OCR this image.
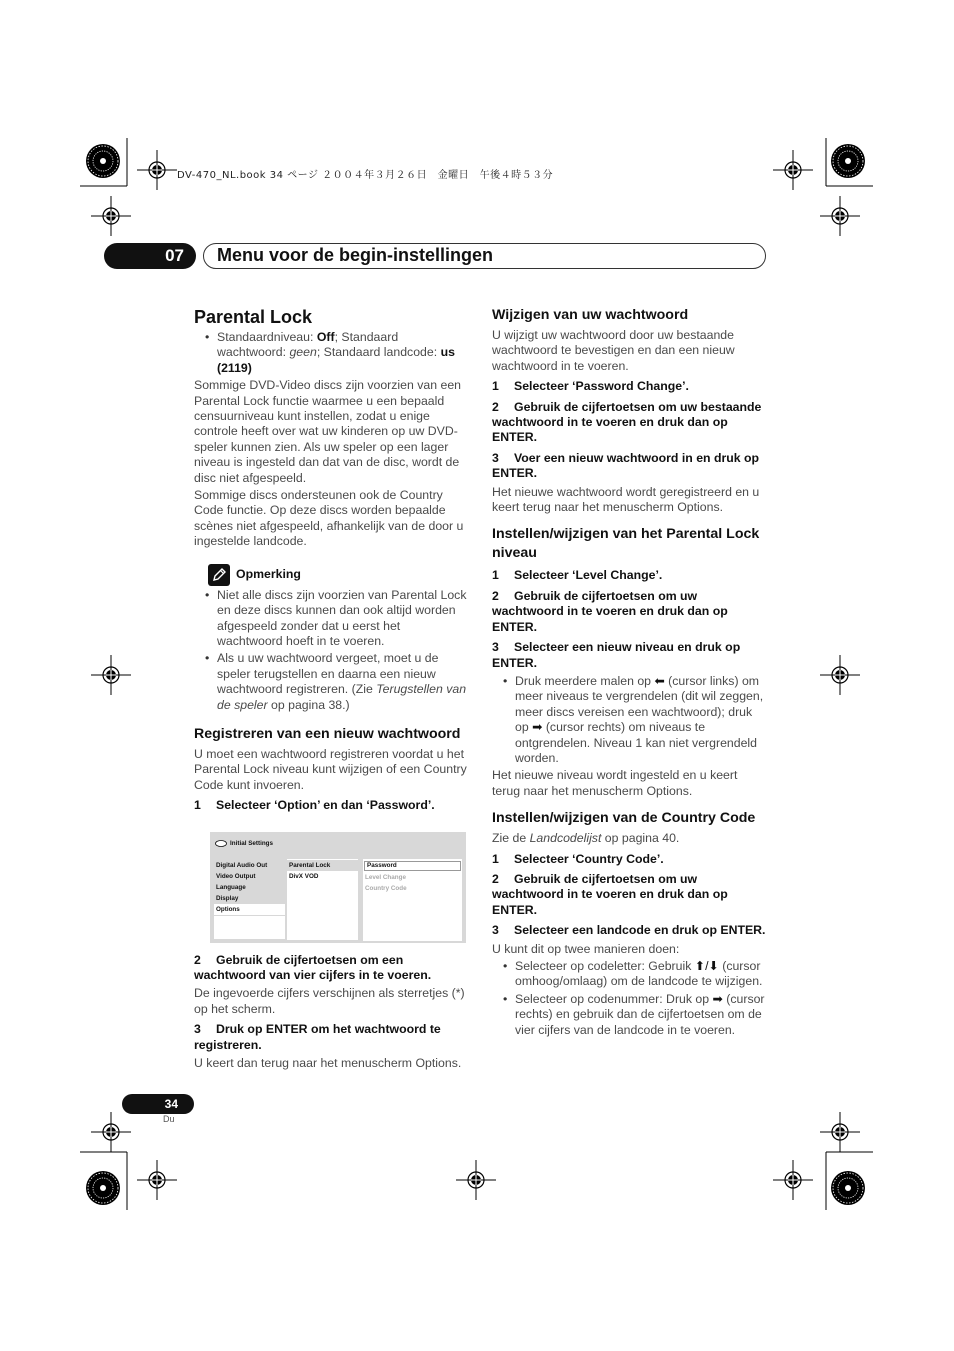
DV-470_NL.book 34 ページ ２００４年３月２６日　金曜日　午後４時５３分
07	Menu voor de begin-instellingen
Parental Lock
• Standaardniveau: Off; Standaard wachtwoord: geen; Standaard landcode: us (2119)

Sommige DVD-Video discs zijn voorzien van een Parental Lock functie waarmee u een bepaald censuurniveau kunt instellen, zodat u enige controle heeft over wat uw kinderen op uw DVD-speler kunnen zien. Als uw speler op een lager niveau is ingesteld dan dat van de disc, wordt de disc niet afgespeeld.

Sommige discs ondersteunen ook de Country Code functie. Op deze discs worden bepaalde scènes niet afgespeeld, afhankelijk van de door u ingestelde landcode.

Opmerking
• Niet alle discs zijn voorzien van Parental Lock en deze discs kunnen dan ook altijd worden afgespeeld zonder dat u eerst het wachtwoord hoeft in te voeren.
• Als u uw wachtwoord vergeet, moet u de speler terugstellen en daarna een nieuw wachtwoord registreren. (Zie Terugstellen van de speler op pagina 38.)
Registreren van een nieuw wachtwoord

U moet een wachtwoord registreren voordat u het Parental Lock niveau kunt wijzigen of een Country Code kunt invoeren.

1 Selecteer ‘Option’ en dan ‘Password’.

Initial Settings
Digital Audio Out
Video Output
Language
Display
Options
Parental Lock
DivX VOD
Password
Level Change
Country Code

2 Gebruik de cijfertoetsen om een wachtwoord van vier cijfers in te voeren.

De ingevoerde cijfers verschijnen als sterretjes (*) op het scherm.

3 Druk op ENTER om het wachtwoord te registreren.

U keert dan terug naar het menuscherm Options.

Wijzigen van uw wachtwoord

U wijzigt uw wachtwoord door uw bestaande wachtwoord te bevestigen en dan een nieuw wachtwoord in te voeren.

1 Selecteer ‘Password Change’.

2 Gebruik de cijfertoetsen om uw bestaande wachtwoord in te voeren en druk dan op ENTER.

3 Voer een nieuw wachtwoord in en druk op ENTER.

Het nieuwe wachtwoord wordt geregistreerd en u keert terug naar het menuscherm Options.

Instellen/wijzigen van het Parental Lock niveau

1 Selecteer ‘Level Change’.

2 Gebruik de cijfertoetsen om uw wachtwoord in te voeren en druk dan op ENTER.

3 Selecteer een nieuw niveau en druk op ENTER.

• Druk meerdere malen op ⬅ (cursor links) om meer niveaus te vergrendelen (dit wil zeggen, meer discs vereisen een wachtwoord); druk op ➡ (cursor rechts) om niveaus te ontgrendelen. Niveau 1 kan niet vergrendeld worden.

Het nieuwe niveau wordt ingesteld en u keert terug naar het menuscherm Options.

Instellen/wijzigen van de Country Code

Zie de Landcodelijst op pagina 40.

1 Selecteer ‘Country Code’.

2 Gebruik de cijfertoetsen om uw wachtwoord in te voeren en druk dan op ENTER.

3 Selecteer een landcode en druk op ENTER.

U kunt dit op twee manieren doen:

• Selecteer op codeletter: Gebruik ⬆/⬇ (cursor omhoog/omlaag) om de landcode te wijzigen.
• Selecteer op codenummer: Druk op ➡ (cursor rechts) en gebruik dan de cijfertoetsen om de vier cijfers van de landcode in te voeren.
34
Du
